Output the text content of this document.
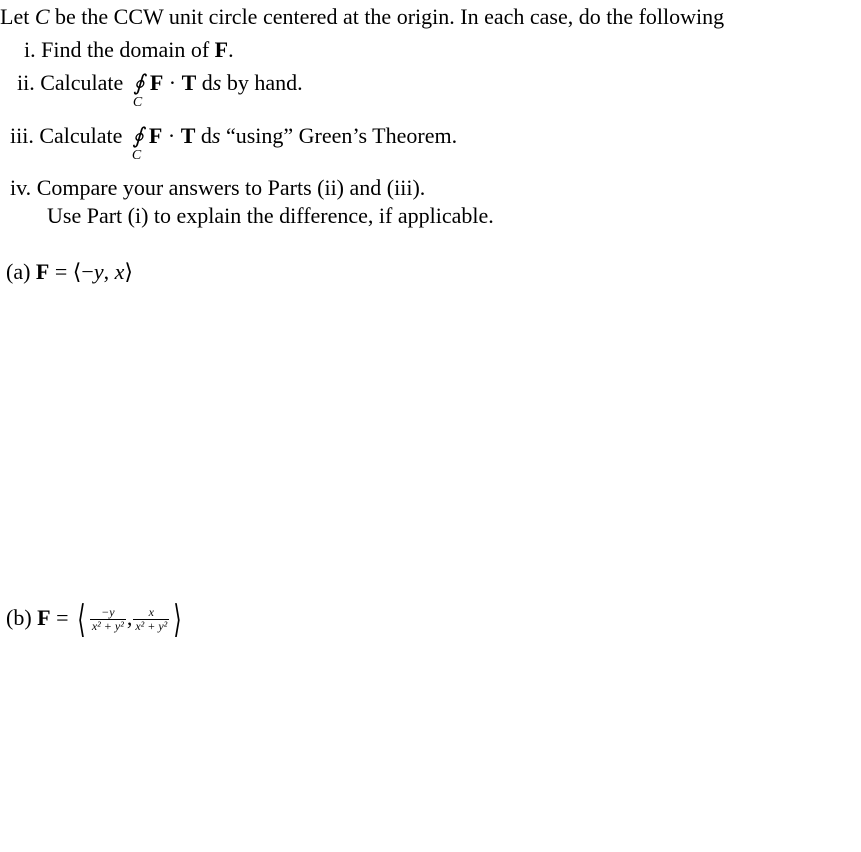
Let C be the CCW unit circle centered at the origin. In each case, do the following
i. Find the domain of F.
ii. Calculate ∮
C
F · T ds by hand.
iii. Calculate ∮
C
F · T ds “using” Green’s Theorem.
iv. Compare your answers to Parts (ii) and (iii).
Use Part (i) to explain the difference, if applicable.
(a) F = ⟨−y, x⟩
(b) F = ⟨ $\frac{-y}{\text{x² + y²}}$ , $\frac{x}{\text{x² + y²}}$ ⟩
